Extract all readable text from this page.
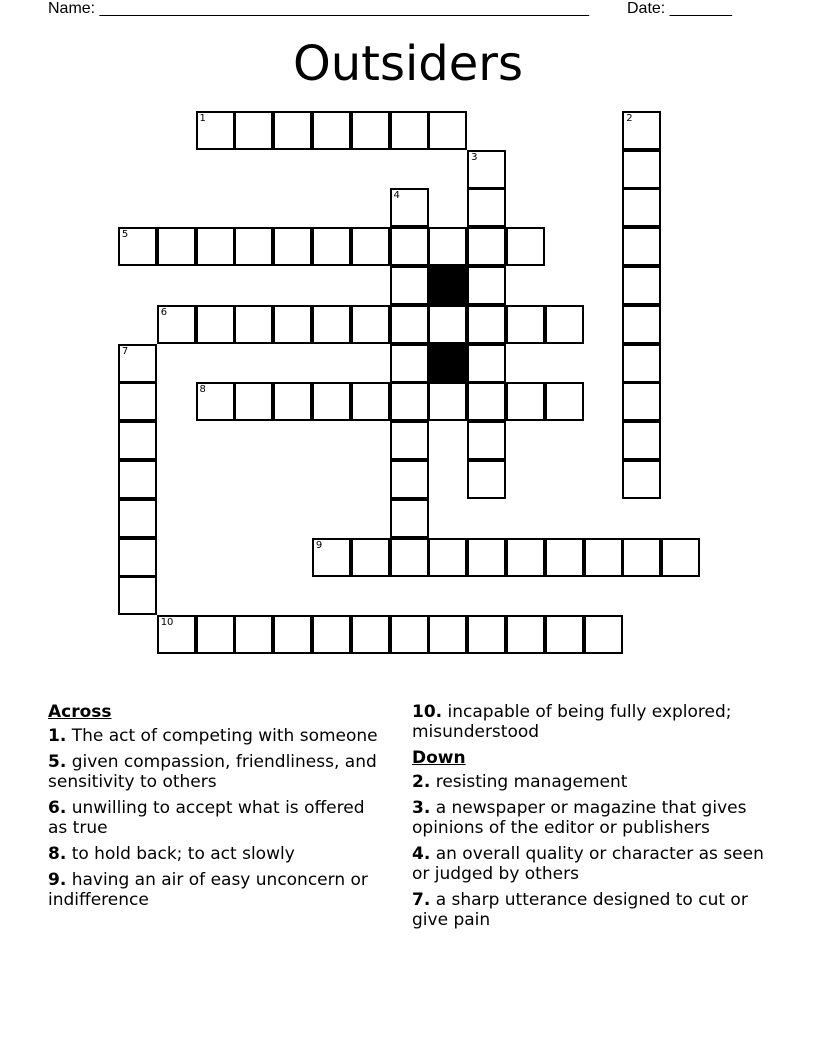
Name: _______________________________________________________ Date: _______
Outsiders
1	2
3
4
5
6
7
8
9
10
Across
1. The act of competing with someone
5. given compassion, friendliness, and sensitivity to others
6. unwilling to accept what is offered as true
8. to hold back; to act slowly
9. having an air of easy unconcern or indifference
10. incapable of being fully explored; misunderstood
Down
2. resisting management
3. a newspaper or magazine that gives opinions of the editor or publishers
4. an overall quality or character as seen or judged by others
7. a sharp utterance designed to cut or give pain
